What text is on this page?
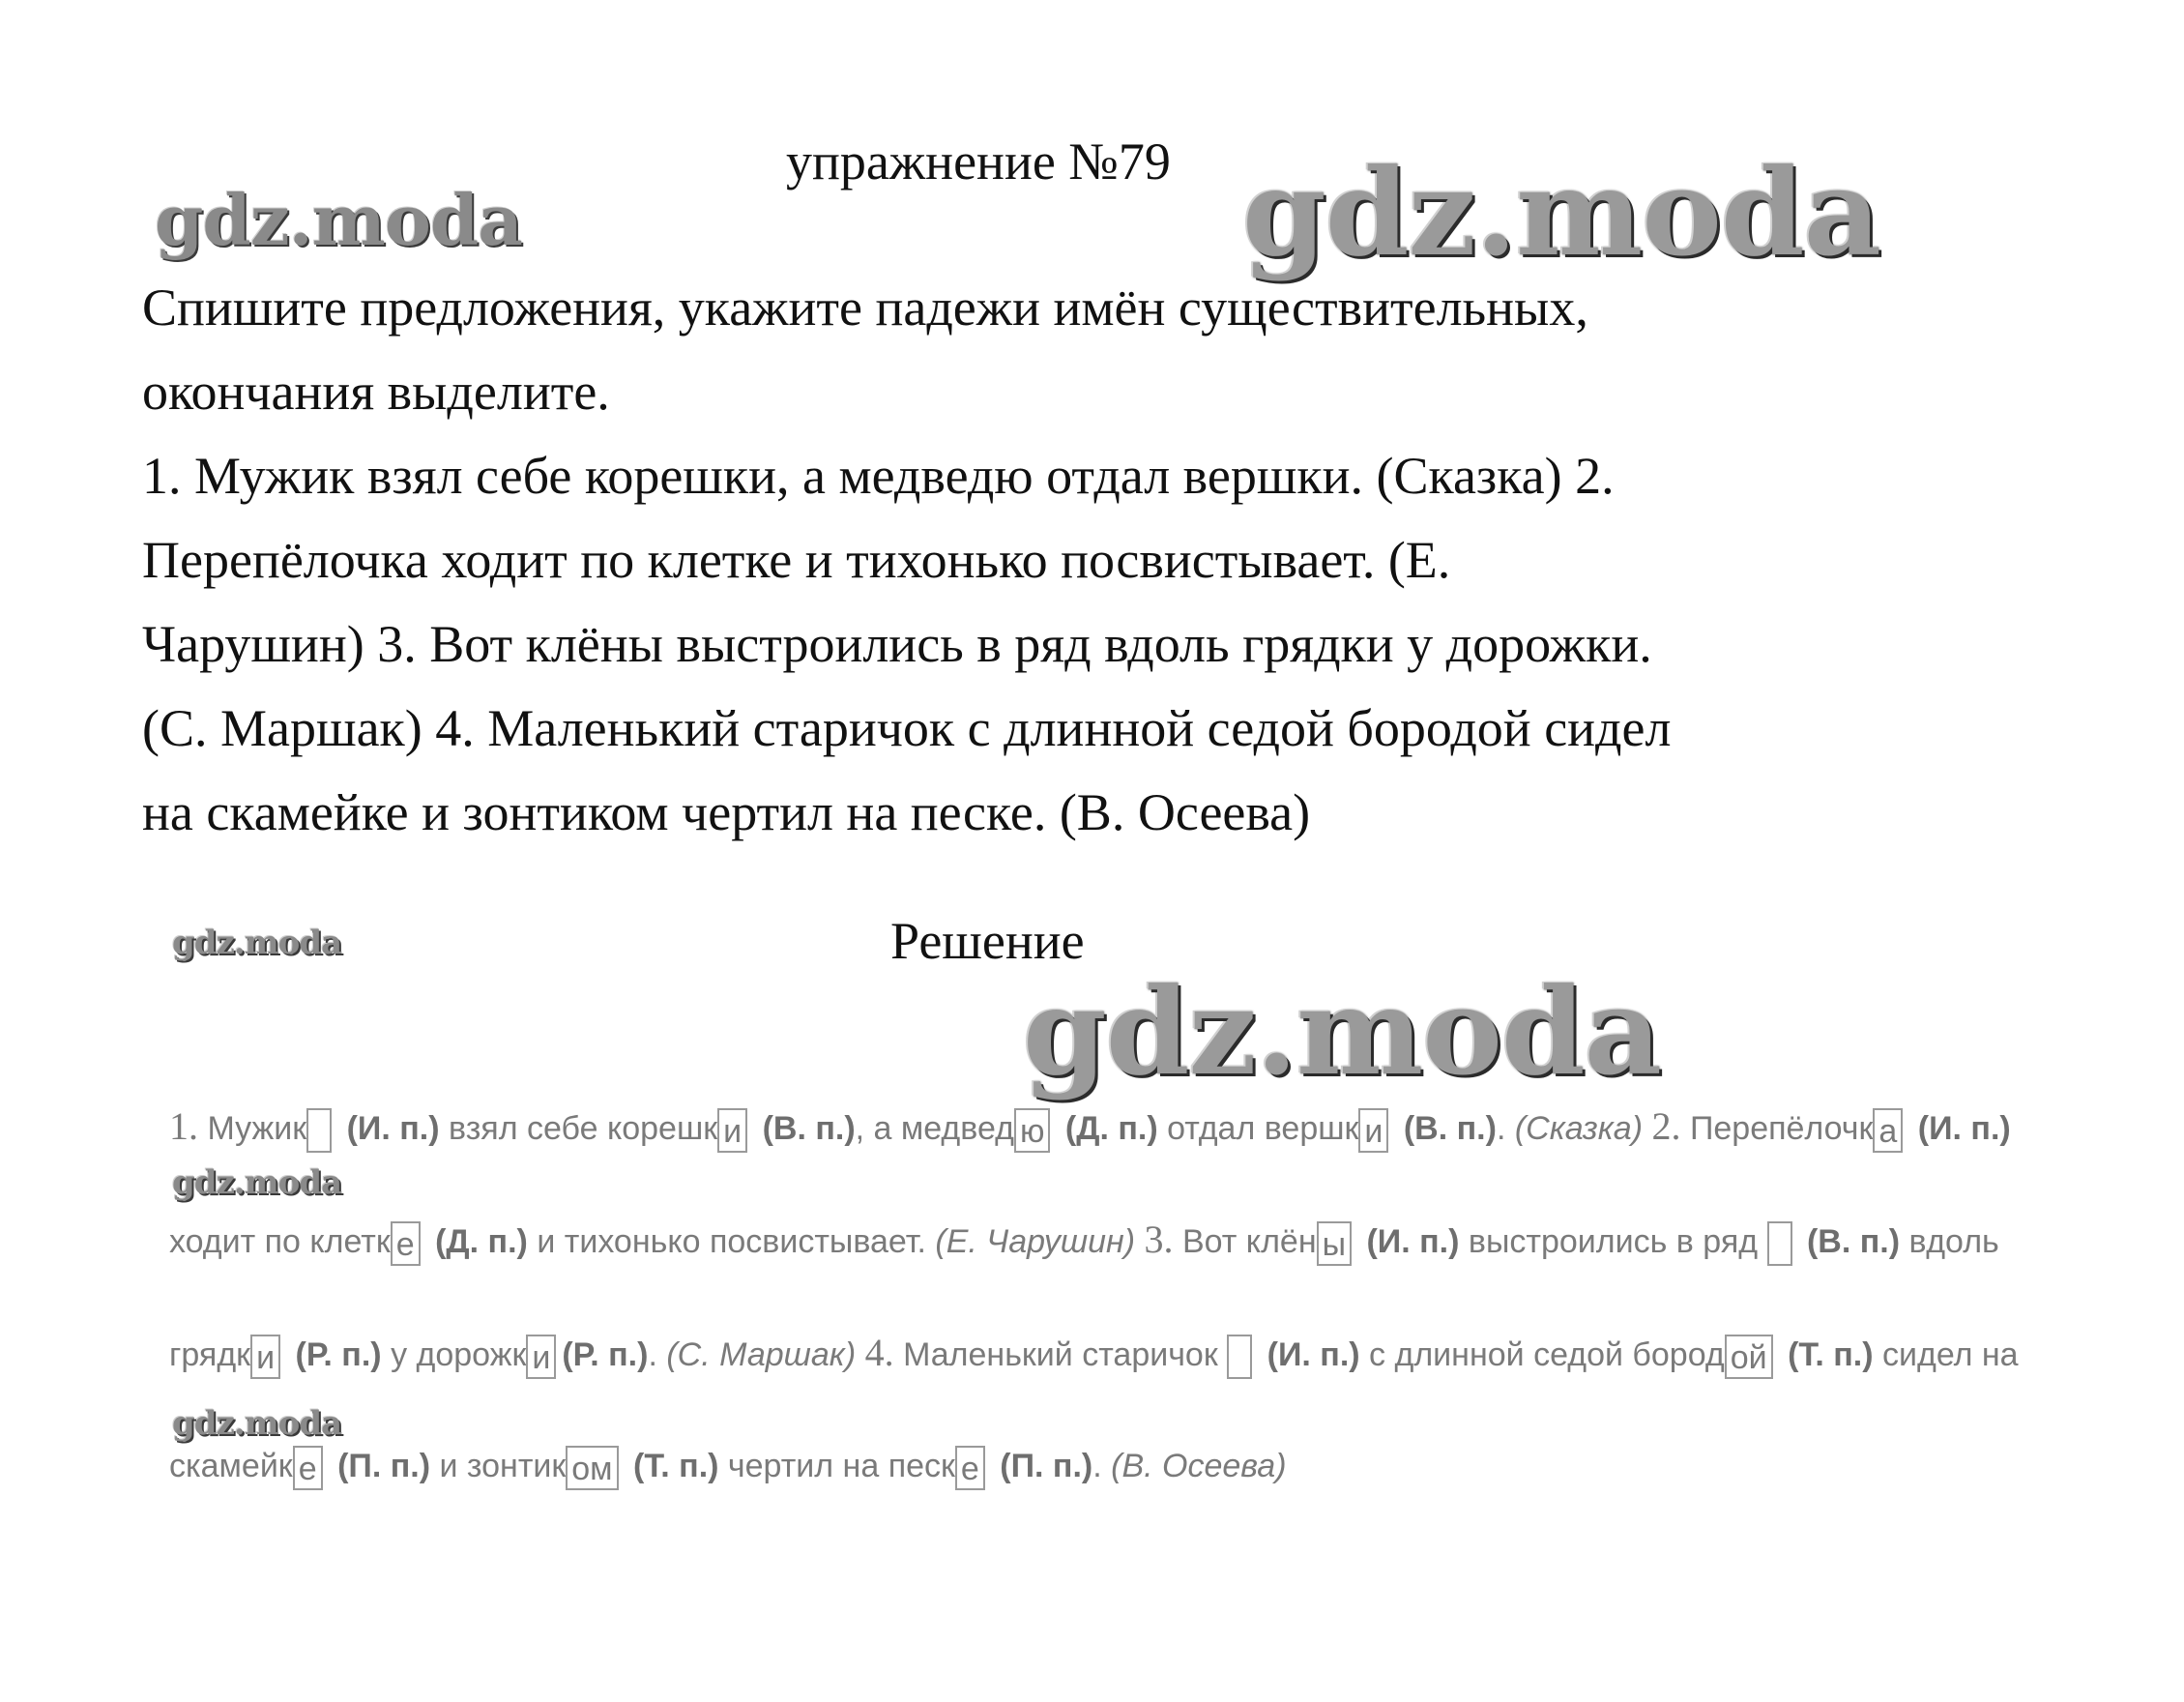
упражнение №79
gdz.moda	gdz.moda

Спишите предложения, укажите падежи имён существительных,

окончания выделите.

1. Мужик взял себе корешки, а медведю отдал вершки. (Сказка) 2.

Перепёлочка ходит по клетке и тихонько посвистывает. (Е.

Чарушин) 3. Вот клёны выстроились в ряд вдоль грядки у дорожки.

(С. Маршак) 4. Маленький старичок с длинной седой бородой сидел

на скамейке и зонтиком чертил на песке. (В. Осеева)

gdz.moda	Решение
gdz.moda
1. Мужик (И. п.) взял себе корешк и (В. п.), а медвед ю (Д. п.) отдал вершк и (В. п.). (Сказка) 2. Перепёлочк а (И. п.)
gdz.moda
ходит по клетк е (Д. п.) и тихонько посвистывает. (Е. Чарушин) 3. Вот клён ы (И. п.) выстроились в ряд (В. п.) вдоль
грядк и (Р. п.) у дорожк и (Р. п.). (С. Маршак) 4. Маленький старичок (И. п.) с длинной седой бород ой (Т. п.) сидел на
gdz.moda
скамейк е (П. п.) и зонтик ом (Т. п.) чертил на песк е (П. п.). (В. Осеева)
